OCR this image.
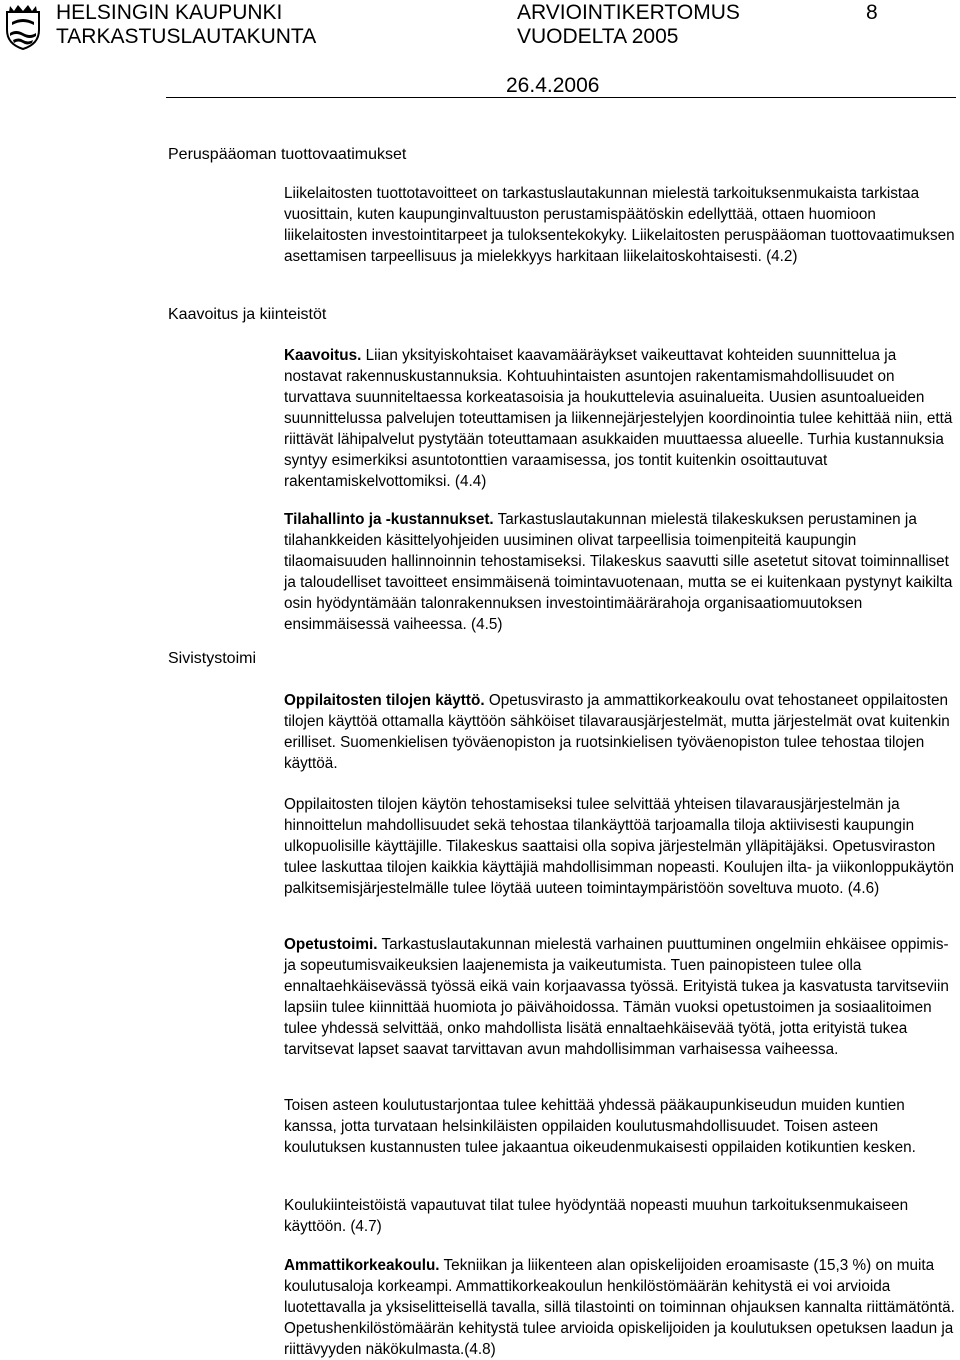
HELSINGIN KAUPUNKI
TARKASTUSLAUTAKUNTA
ARVIOINTIKERTOMUS
VUODELTA 2005
8
26.4.2006
Peruspääoman tuottovaatimukset
Kaavoitus ja kiinteistöt
Sivistystoimi

Liikelaitosten tuottotavoitteet on tarkastuslautakunnan mielestä tarkoituksenmukaista tarkistaa vuosittain, kuten kaupunginvaltuuston perustamispäätöskin edellyttää, ottaen huomioon liikelaitosten investointitarpeet ja tuloksentekokyky. Liikelaitosten peruspääoman tuottovaatimuksen asettamisen tarpeellisuus ja mielekkyys harkitaan liikelaitoskohtaisesti. (4.2)

Kaavoitus. Liian yksityiskohtaiset kaavamääräykset vaikeuttavat kohteiden suunnittelua ja nostavat rakennuskustannuksia. Kohtuuhintaisten asuntojen rakentamismahdollisuudet on turvattava suunniteltaessa korkeatasoisia ja houkuttelevia asuinalueita. Uusien asuntoalueiden suunnittelussa palvelujen toteuttamisen ja liikennejärjestelyjen koordinointia tulee kehittää niin, että riittävät lähipalvelut pystytään toteuttamaan asukkaiden muuttaessa alueelle. Turhia kustannuksia syntyy esimerkiksi asuntotonttien varaamisessa, jos tontit kuitenkin osoittautuvat rakentamiskelvottomiksi. (4.4)

Tilahallinto ja -kustannukset. Tarkastuslautakunnan mielestä tilakeskuksen perustaminen ja tilahankkeiden käsittelyohjeiden uusiminen olivat tarpeellisia toimenpiteitä kaupungin tilaomaisuuden hallinnoinnin tehostamiseksi. Tilakeskus saavutti sille asetetut sitovat toiminnalliset ja taloudelliset tavoitteet ensimmäisenä toimintavuotenaan, mutta se ei kuitenkaan pystynyt kaikilta osin hyödyntämään talonrakennuksen investointimäärärahoja organisaatiomuutoksen ensimmäisessä vaiheessa. (4.5)

Oppilaitosten tilojen käyttö. Opetusvirasto ja ammattikorkeakoulu ovat tehostaneet oppilaitosten tilojen käyttöä ottamalla käyttöön sähköiset tilavarausjärjestelmät, mutta järjestelmät ovat kuitenkin erilliset. Suomenkielisen työväenopiston ja ruotsinkielisen työväenopiston tulee tehostaa tilojen käyttöä.

Oppilaitosten tilojen käytön tehostamiseksi tulee selvittää yhteisen tilavarausjärjestelmän ja hinnoittelun mahdollisuudet sekä tehostaa tilankäyttöä tarjoamalla tiloja aktiivisesti kaupungin ulkopuolisille käyttäjille. Tilakeskus saattaisi olla sopiva järjestelmän ylläpitäjäksi. Opetusviraston tulee laskuttaa tilojen kaikkia käyttäjiä mahdollisimman nopeasti. Koulujen ilta- ja viikonloppukäytön palkitsemisjärjestelmälle tulee löytää uuteen toimintaympäristöön soveltuva muoto. (4.6)

Opetustoimi. Tarkastuslautakunnan mielestä varhainen puuttuminen ongelmiin ehkäisee oppimis- ja sopeutumisvaikeuksien laajenemista ja vaikeutumista. Tuen painopisteen tulee olla ennaltaehkäisevässä työssä eikä vain korjaavassa työssä. Erityistä tukea ja kasvatusta tarvitseviin lapsiin tulee kiinnittää huomiota jo päivähoidossa. Tämän vuoksi opetustoimen ja sosiaalitoimen tulee yhdessä selvittää, onko mahdollista lisätä ennaltaehkäisevää työtä, jotta erityistä tukea tarvitsevat lapset saavat tarvittavan avun mahdollisimman varhaisessa vaiheessa.

Toisen asteen koulutustarjontaa tulee kehittää yhdessä pääkaupunkiseudun muiden kuntien kanssa, jotta turvataan helsinkiläisten oppilaiden koulutusmahdollisuudet. Toisen asteen koulutuksen kustannusten tulee jakaantua oikeudenmukaisesti oppilaiden kotikuntien kesken.

Koulukiinteistöistä vapautuvat tilat tulee hyödyntää nopeasti muuhun tarkoituksenmukaiseen käyttöön. (4.7)

Ammattikorkeakoulu. Tekniikan ja liikenteen alan opiskelijoiden eroamisaste (15,3 %) on muita koulutusaloja korkeampi. Ammattikorkeakoulun henkilöstömäärän kehitystä ei voi arvioida luotettavalla ja yksiselitteisellä tavalla, sillä tilastointi on toiminnan ohjauksen kannalta riittämätöntä. Opetushenkilöstömäärän kehitystä tulee arvioida opiskelijoiden ja koulutuksen opetuksen laadun ja riittävyyden näkökulmasta.(4.8)
